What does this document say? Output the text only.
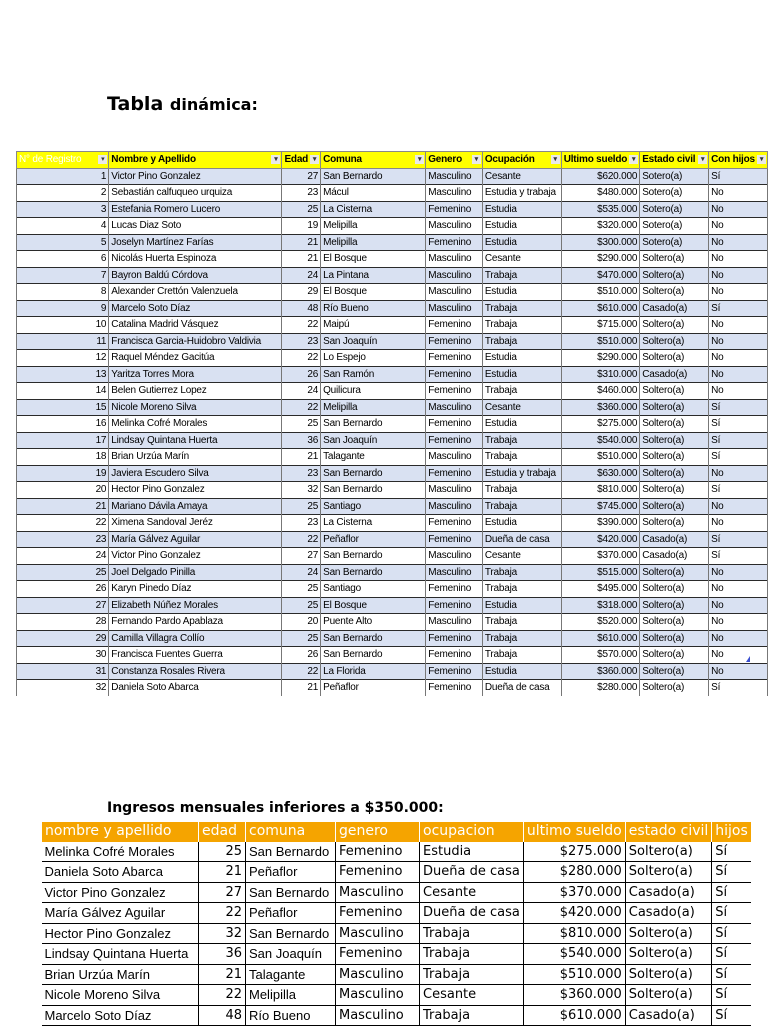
Tabla dinámica:
N° de Registro ▾	Nombre y Apellido ▾	Edad ▾	Comuna ▾	Genero ▾	Ocupación ▾	Ultimo sueldo ▾	Estado civil ▾	Con hijos ▾

1	Victor Pino Gonzalez	27	San Bernardo	Masculino	Cesante	$620.000	Sotero(a)	Sí
2	Sebastián calfuqueo urquiza	23	Mácul	Masculino	Estudia y trabaja	$480.000	Sotero(a)	No
3	Estefania Romero Lucero	25	La Cisterna	Femenino	Estudia	$535.000	Sotero(a)	No
4	Lucas Diaz Soto	19	Melipilla	Masculino	Estudia	$320.000	Sotero(a)	No
5	Joselyn Martínez Farías	21	Melipilla	Femenino	Estudia	$300.000	Sotero(a)	No
6	Nicolás Huerta Espinoza	21	El Bosque	Masculino	Cesante	$290.000	Soltero(a)	No
7	Bayron Baldú Córdova	24	La Pintana	Masculino	Trabaja	$470.000	Soltero(a)	No
8	Alexander Crettón Valenzuela	29	El Bosque	Masculino	Estudia	$510.000	Soltero(a)	No
9	Marcelo Soto Díaz	48	Río Bueno	Masculino	Trabaja	$610.000	Casado(a)	Sí
10	Catalina Madrid Vásquez	22	Maipú	Femenino	Trabaja	$715.000	Soltero(a)	No
11	Francisca Garcia-Huidobro Valdivia	23	San Joaquín	Femenino	Trabaja	$510.000	Soltero(a)	No
12	Raquel Méndez Gacitúa	22	Lo Espejo	Femenino	Estudia	$290.000	Soltero(a)	No
13	Yaritza Torres Mora	26	San Ramón	Femenino	Estudia	$310.000	Casado(a)	No
14	Belen Gutierrez Lopez	24	Quilicura	Femenino	Trabaja	$460.000	Soltero(a)	No
15	Nicole Moreno Silva	22	Melipilla	Masculino	Cesante	$360.000	Soltero(a)	Sí
16	Melinka Cofré Morales	25	San Bernardo	Femenino	Estudia	$275.000	Soltero(a)	Sí
17	Lindsay Quintana Huerta	36	San Joaquín	Femenino	Trabaja	$540.000	Soltero(a)	Sí
18	Brian Urzúa Marín	21	Talagante	Masculino	Trabaja	$510.000	Soltero(a)	Sí
19	Javiera Escudero Silva	23	San Bernardo	Femenino	Estudia y trabaja	$630.000	Soltero(a)	No
20	Hector Pino Gonzalez	32	San Bernardo	Masculino	Trabaja	$810.000	Soltero(a)	Sí
21	Mariano Dávila Amaya	25	Santiago	Masculino	Trabaja	$745.000	Soltero(a)	No
22	Ximena Sandoval Jeréz	23	La Cisterna	Femenino	Estudia	$390.000	Soltero(a)	No
23	María Gálvez Aguilar	22	Peñaflor	Femenino	Dueña de casa	$420.000	Casado(a)	Sí
24	Victor Pino Gonzalez	27	San Bernardo	Masculino	Cesante	$370.000	Casado(a)	Sí
25	Joel Delgado Pinilla	24	San Bernardo	Masculino	Trabaja	$515.000	Soltero(a)	No
26	Karyn Pinedo Díaz	25	Santiago	Femenino	Trabaja	$495.000	Soltero(a)	No
27	Elizabeth Núñez Morales	25	El Bosque	Femenino	Estudia	$318.000	Soltero(a)	No
28	Fernando Pardo Apablaza	20	Puente Alto	Masculino	Trabaja	$520.000	Soltero(a)	No
29	Camilla Villagra Collío	25	San Bernardo	Femenino	Trabaja	$610.000	Soltero(a)	No
30	Francisca Fuentes Guerra	26	San Bernardo	Femenino	Trabaja	$570.000	Soltero(a)	No
31	Constanza Rosales Rivera	22	La Florida	Femenino	Estudia	$360.000	Soltero(a)	No
32	Daniela Soto Abarca	21	Peñaflor	Femenino	Dueña de casa	$280.000	Soltero(a)	Sí
Ingresos mensuales inferiores a $350.000:
nombre y apellido	edad	comuna	genero	ocupacion	ultimo sueldo	estado civil	hijos
Melinka Cofré Morales	25	San Bernardo	Femenino	Estudia	$275.000	Soltero(a)	Sí
Daniela Soto Abarca	21	Peñaflor	Femenino	Dueña de casa	$280.000	Soltero(a)	Sí
Victor Pino Gonzalez	27	San Bernardo	Masculino	Cesante	$370.000	Casado(a)	Sí
María Gálvez Aguilar	22	Peñaflor	Femenino	Dueña de casa	$420.000	Casado(a)	Sí
Hector Pino Gonzalez	32	San Bernardo	Masculino	Trabaja	$810.000	Soltero(a)	Sí
Lindsay Quintana Huerta	36	San Joaquín	Femenino	Trabaja	$540.000	Soltero(a)	Sí
Brian Urzúa Marín	21	Talagante	Masculino	Trabaja	$510.000	Soltero(a)	Sí
Nicole Moreno Silva	22	Melipilla	Masculino	Cesante	$360.000	Soltero(a)	Sí
Marcelo Soto Díaz	48	Río Bueno	Masculino	Trabaja	$610.000	Casado(a)	Sí
